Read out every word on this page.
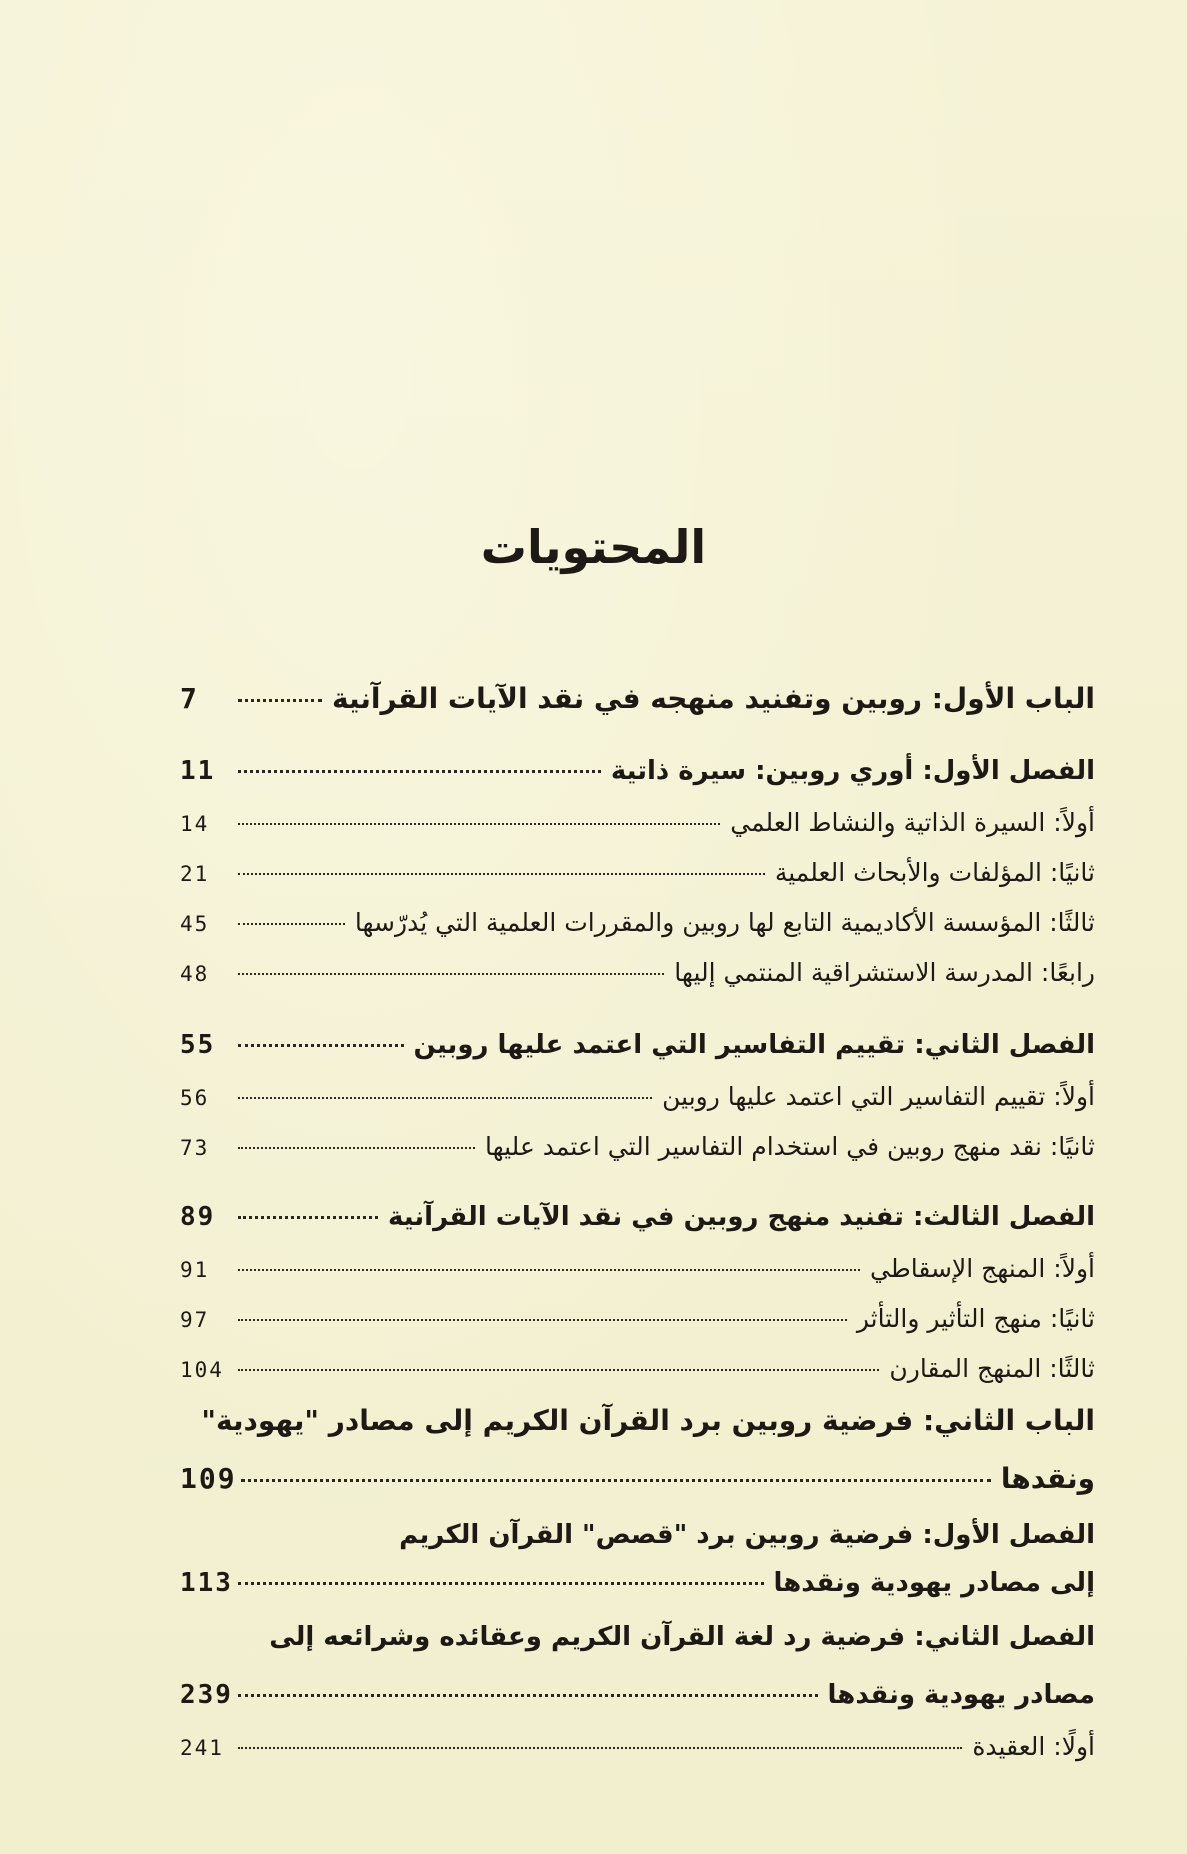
المحتويات
الباب الأول: روبين وتفنيد منهجه في نقد الآيات القرآنية
7
الفصل الأول: أوري روبين: سيرة ذاتية
11
أولاً: السيرة الذاتية والنشاط العلمي
14
ثانيًا: المؤلفات والأبحاث العلمية
21
ثالثًا: المؤسسة الأكاديمية التابع لها روبين والمقررات العلمية التي يُدرّسها
45
رابعًا: المدرسة الاستشراقية المنتمي إليها
48
الفصل الثاني: تقييم التفاسير التي اعتمد عليها روبين
55
أولاً: تقييم التفاسير التي اعتمد عليها روبين
56
ثانيًا: نقد منهج روبين في استخدام التفاسير التي اعتمد عليها
73
الفصل الثالث: تفنيد منهج روبين في نقد الآيات القرآنية
89
أولاً: المنهج الإسقاطي
91
ثانيًا: منهج التأثير والتأثر
97
ثالثًا: المنهج المقارن
104
الباب الثاني: فرضية روبين برد القرآن الكريم إلى مصادر "يهودية"
ونقدها
109
الفصل الأول: فرضية روبين برد "قصص" القرآن الكريم
إلى مصادر يهودية ونقدها
113
الفصل الثاني: فرضية رد لغة القرآن الكريم وعقائده وشرائعه إلى
مصادر يهودية ونقدها
239
أولًا: العقيدة
241
